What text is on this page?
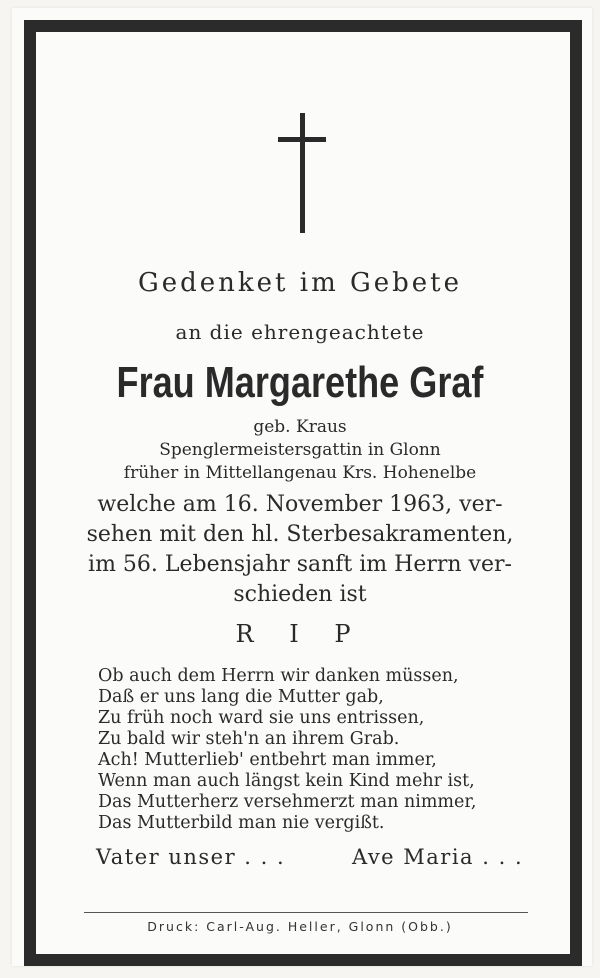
Gedenket im Gebete
an die ehrengeachtete
Frau Margarethe Graf
geb. Kraus
Spenglermeistersgattin in Glonn
früher in Mittellangenau Krs. Hohenelbe
welche am 16. November 1963, ver-
sehen mit den hl. Sterbesakramenten,
im 56. Lebensjahr sanft im Herrn ver-
schieden ist
R I P
Ob auch dem Herrn wir danken müssen,
Daß er uns lang die Mutter gab,
Zu früh noch ward sie uns entrissen,
Zu bald wir steh'n an ihrem Grab.
Ach! Mutterlieb' entbehrt man immer,
Wenn man auch längst kein Kind mehr ist,
Das Mutterherz versehmerzt man nimmer,
Das Mutterbild man nie vergißt.
Vater unser . . .	Ave Maria . . .
Druck: Carl-Aug. Heller, Glonn (Obb.)
